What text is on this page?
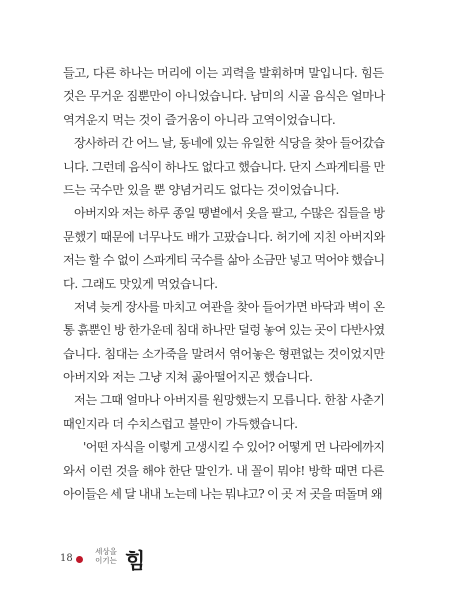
들고, 다른 하나는 머리에 이는 괴력을 발휘하며 말입니다. 힘든
것은 무거운 짐뿐만이 아니었습니다. 남미의 시골 음식은 얼마나
역겨운지 먹는 것이 즐거움이 아니라 고역이었습니다.
장사하러 간 어느 날, 동네에 있는 유일한 식당을 찾아 들어갔습
니다. 그런데 음식이 하나도 없다고 했습니다. 단지 스파게티를 만
드는 국수만 있을 뿐 양념거리도 없다는 것이었습니다.
아버지와 저는 하루 종일 땡볕에서 옷을 팔고, 수많은 집들을 방
문했기 때문에 너무나도 배가 고팠습니다. 허기에 지친 아버지와
저는 할 수 없이 스파게티 국수를 삶아 소금만 넣고 먹어야 했습니
다. 그래도 맛있게 먹었습니다.
저녁 늦게 장사를 마치고 여관을 찾아 들어가면 바닥과 벽이 온
통 흙뿐인 방 한가운데 침대 하나만 덜렁 놓여 있는 곳이 다반사였
습니다. 침대는 소가죽을 말려서 엮어놓은 형편없는 것이었지만
아버지와 저는 그냥 지쳐 곯아떨어지곤 했습니다.
저는 그때 얼마나 아버지를 원망했는지 모릅니다. 한참 사춘기
때인지라 더 수치스럽고 불만이 가득했습니다.
'어떤 자식을 이렇게 고생시킬 수 있어? 어떻게 먼 나라에까지
와서 이런 것을 해야 한단 말인가. 내 꼴이 뭐야! 방학 때면 다른
아이들은 세 달 내내 노는데 나는 뭐냐고? 이 곳 저 곳을 떠돌며 왜
18
세상을
이기는 힘
